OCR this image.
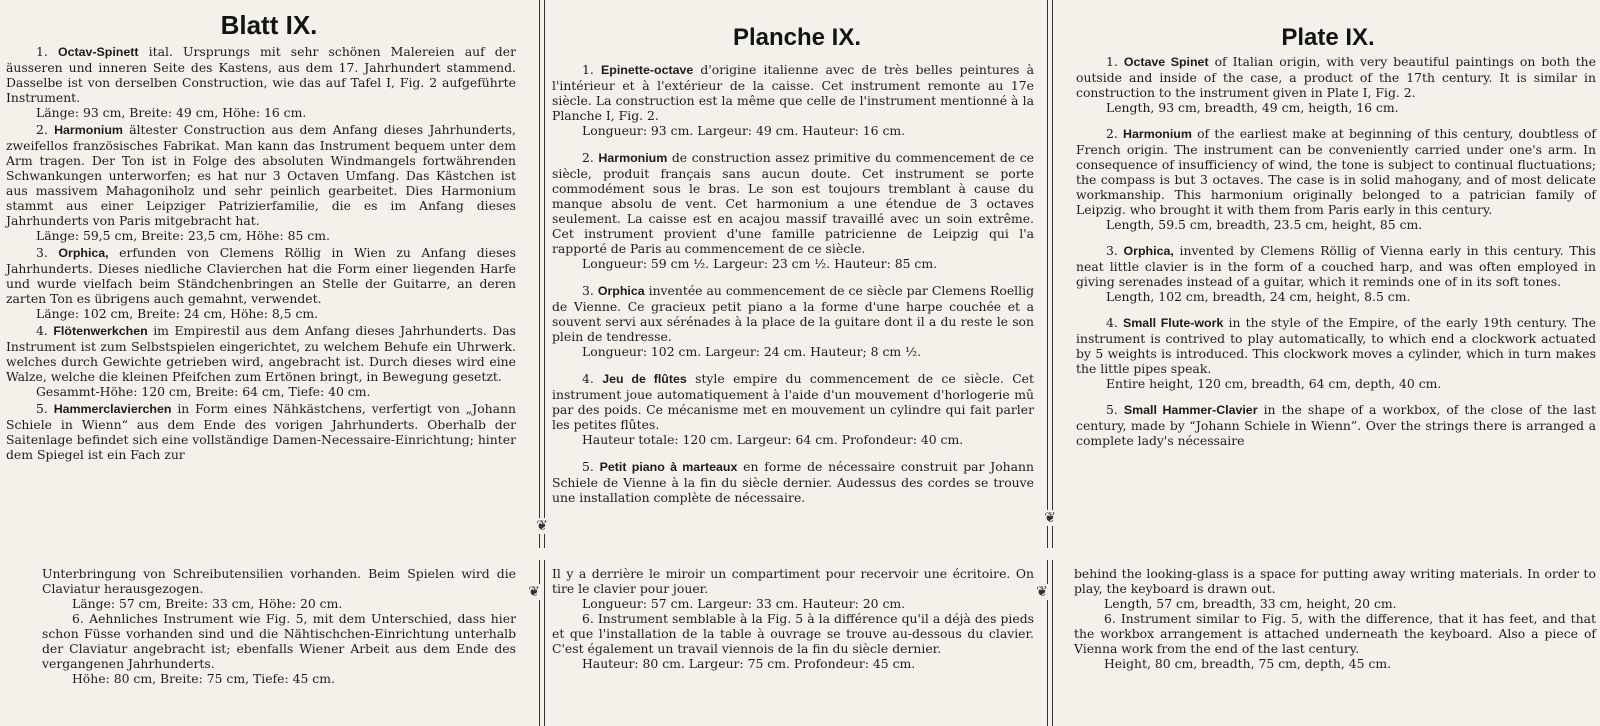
❦	❦
❦	❦
Blatt IX.

1. Octav-Spinett ital. Ursprungs mit sehr schönen Malereien auf der äusseren und inneren Seite des Kastens, aus dem 17. Jahrhundert stammend. Dasselbe ist von derselben Construction, wie das auf Tafel I, Fig. 2 aufgeführte Instrument.

Länge: 93 cm, Breite: 49 cm, Höhe: 16 cm.

2. Harmonium ältester Construction aus dem Anfang dieses Jahrhunderts, zweifellos französisches Fabrikat. Man kann das Instrument bequem unter dem Arm tragen. Der Ton ist in Folge des absoluten Windmangels fortwährenden Schwankungen unterworfen; es hat nur 3 Octaven Umfang. Das Kästchen ist aus massivem Mahagoniholz und sehr peinlich gearbeitet. Dies Harmonium stammt aus einer Leipziger Patrizierfamilie, die es im Anfang dieses Jahrhunderts von Paris mitgebracht hat.

Länge: 59,5 cm, Breite: 23,5 cm, Höhe: 85 cm.

3. Orphica, erfunden von Clemens Röllig in Wien zu Anfang dieses Jahrhunderts. Dieses niedliche Clavierchen hat die Form einer liegenden Harfe und wurde vielfach beim Ständchenbringen an Stelle der Guitarre, an deren zarten Ton es übrigens auch gemahnt, verwendet.

Länge: 102 cm, Breite: 24 cm, Höhe: 8,5 cm.

4. Flötenwerkchen im Empirestil aus dem Anfang dieses Jahrhunderts. Das Instrument ist zum Selbstspielen eingerichtet, zu welchem Behufe ein Uhrwerk. welches durch Gewichte getrieben wird, angebracht ist. Durch dieses wird eine Walze, welche die kleinen Pfeifchen zum Ertönen bringt, in Bewegung gesetzt.

Gesammt-Höhe: 120 cm, Breite: 64 cm, Tiefe: 40 cm.

5. Hammerclavierchen in Form eines Nähkästchens, verfertigt von „Johann Schiele in Wienn“ aus dem Ende des vorigen Jahrhunderts. Oberhalb der Saitenlage befindet sich eine vollständige Damen-Necessaire-Einrichtung; hinter dem Spiegel ist ein Fach zur

Unterbringung von Schreibutensilien vorhanden. Beim Spielen wird die Claviatur herausgezogen.

Länge: 57 cm, Breite: 33 cm, Höhe: 20 cm.

6. Aehnliches Instrument wie Fig. 5, mit dem Unterschied, dass hier schon Füsse vorhanden sind und die Nähtischchen-Einrichtung unterhalb der Claviatur angebracht ist; ebenfalls Wiener Arbeit aus dem Ende des vergangenen Jahrhunderts.

Höhe: 80 cm, Breite: 75 cm, Tiefe: 45 cm.

Planche IX.

1. Epinette-octave d'origine italienne avec de très belles peintures à l'intérieur et à l'extérieur de la caisse. Cet instrument remonte au 17e siècle. La construction est la même que celle de l'instrument mentionné à la Planche I, Fig. 2.

Longueur: 93 cm. Largeur: 49 cm. Hauteur: 16 cm.

2. Harmonium de construction assez primitive du commencement de ce siècle, produit français sans aucun doute. Cet instrument se porte commodément sous le bras. Le son est toujours tremblant à cause du manque absolu de vent. Cet harmonium a une étendue de 3 octaves seulement. La caisse est en acajou massif travaillé avec un soin extrême. Cet instrument provient d'une famille patricienne de Leipzig qui l'a rapporté de Paris au commencement de ce siècle.

Longueur: 59 cm ½. Largeur: 23 cm ½. Hauteur: 85 cm.

3. Orphica inventée au commencement de ce siècle par Clemens Roellig de Vienne. Ce gracieux petit piano a la forme d'une harpe couchée et a souvent servi aux sérénades à la place de la guitare dont il a du reste le son plein de tendresse.

Longueur: 102 cm. Largeur: 24 cm. Hauteur; 8 cm ½.

4. Jeu de flûtes style empire du commencement de ce siècle. Cet instrument joue automatiquement à l'aide d'un mouvement d'horlogerie mû par des poids. Ce mécanisme met en mouvement un cylindre qui fait parler les petites flûtes.

Hauteur totale: 120 cm. Largeur: 64 cm. Profondeur: 40 cm.

5. Petit piano à marteaux en forme de nécessaire construit par Johann Schiele de Vienne à la fin du siècle dernier. Audessus des cordes se trouve une installation complète de nécessaire.

Il y a derrière le miroir un compartiment pour recervoir une écritoire. On tire le clavier pour jouer.

Longueur: 57 cm. Largeur: 33 cm. Hauteur: 20 cm.

6. Instrument semblable à la Fig. 5 à la différence qu'il a déjà des pieds et que l'installation de la table à ouvrage se trouve au-dessous du clavier. C'est également un travail viennois de la fin du siècle dernier.

Hauteur: 80 cm. Largeur: 75 cm. Profondeur: 45 cm.

Plate IX.

1. Octave Spinet of Italian origin, with very beautiful paintings on both the outside and inside of the case, a product of the 17th century. It is similar in construction to the instrument given in Plate I, Fig. 2.

Length, 93 cm, breadth, 49 cm, heigth, 16 cm.

2. Harmonium of the earliest make at beginning of this century, doubtless of French origin. The instrument can be conveniently carried under one's arm. In consequence of insufficiency of wind, the tone is subject to continual fluctuations; the compass is but 3 octaves. The case is in solid mahogany, and of most delicate workmanship. This harmonium originally belonged to a patrician family of Leipzig. who brought it with them from Paris early in this century.

Length, 59.5 cm, breadth, 23.5 cm, height, 85 cm.

3. Orphica, invented by Clemens Röllig of Vienna early in this century. This neat little clavier is in the form of a couched harp, and was often employed in giving serenades instead of a guitar, which it reminds one of in its soft tones.

Length, 102 cm, breadth, 24 cm, height, 8.5 cm.

4. Small Flute-work in the style of the Empire, of the early 19th century. The instrument is contrived to play automatically, to which end a clockwork actuated by 5 weights is introduced. This clockwork moves a cylinder, which in turn makes the little pipes speak.

Entire height, 120 cm, breadth, 64 cm, depth, 40 cm.

5. Small Hammer-Clavier in the shape of a workbox, of the close of the last century, made by “Johann Schiele in Wienn”. Over the strings there is arranged a complete lady's nécessaire

behind the looking-glass is a space for putting away writing materials. In order to play, the keyboard is drawn out.

Length, 57 cm, breadth, 33 cm, height, 20 cm.

6. Instrument similar to Fig. 5, with the difference, that it has feet, and that the workbox arrangement is attached underneath the keyboard. Also a piece of Vienna work from the end of the last century.

Height, 80 cm, breadth, 75 cm, depth, 45 cm.
